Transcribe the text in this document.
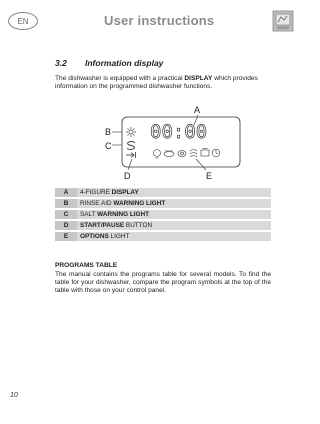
EN	User instructions
3.2 Information display

The dishwasher is equipped with a practical DISPLAY which provides information on the programmed dishwasher functions.

A
B
C
00:00
D	E
A	4-FIGURE DISPLAY
B	RINSE AID WARNING LIGHT
C	SALT WARNING LIGHT
D	START/PAUSE BUTTON
E	OPTIONS LIGHT
PROGRAMS TABLE

The manual contains the programs table for several models. To find the table for your dishwasher, compare the program symbols at the top of the table with those on your control panel.

10
